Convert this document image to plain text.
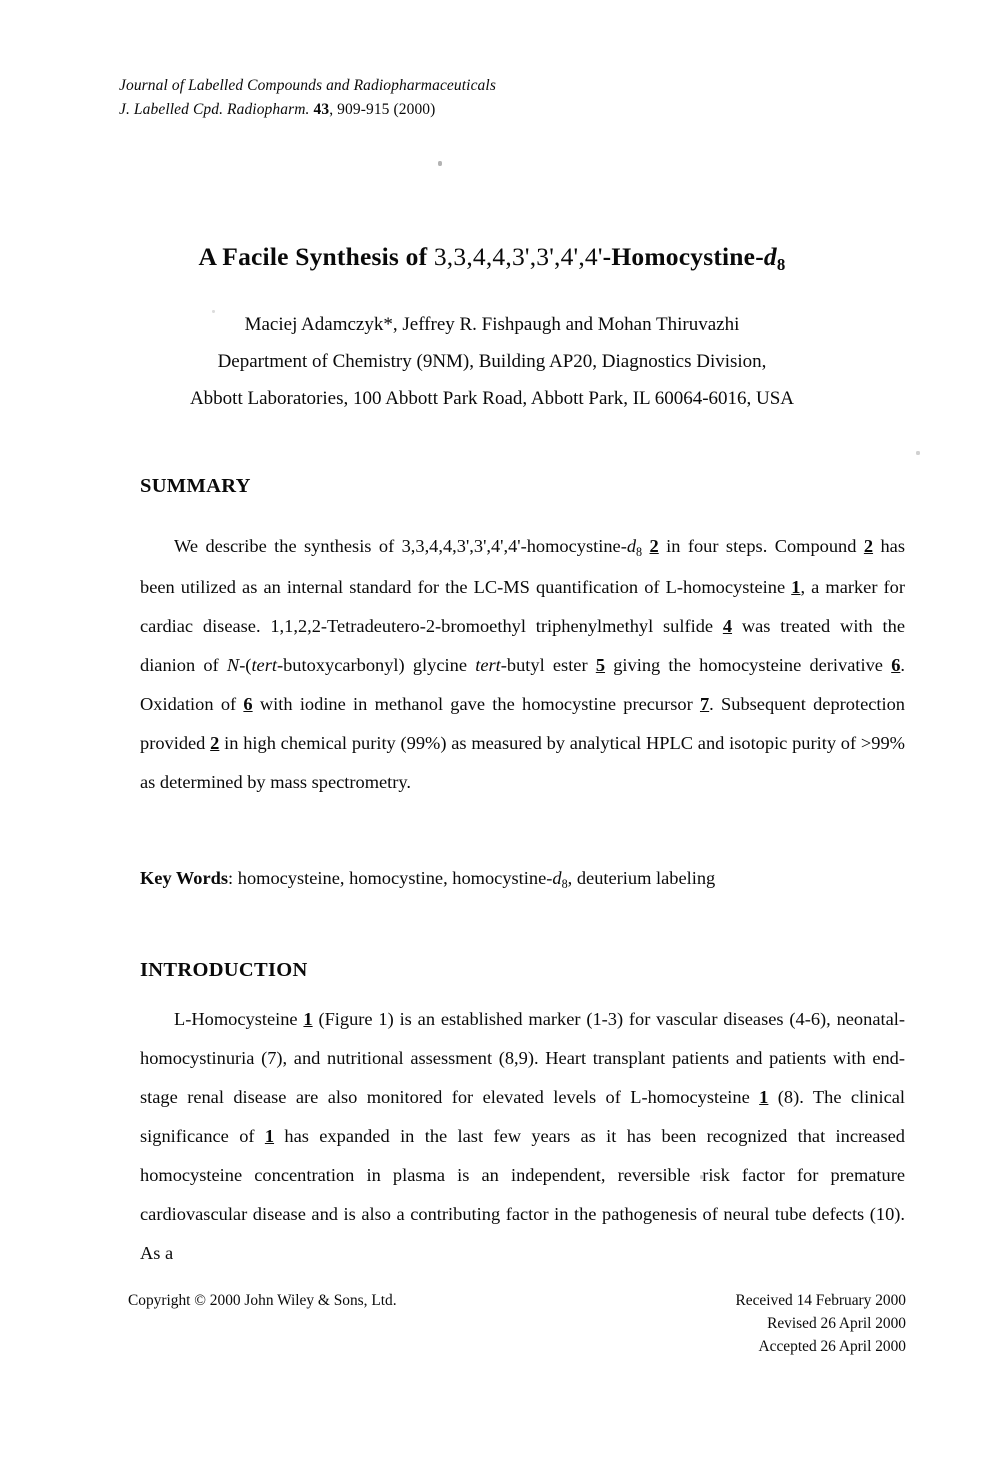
Journal of Labelled Compounds and Radiopharmaceuticals
J. Labelled Cpd. Radiopharm. 43, 909-915 (2000)
A Facile Synthesis of $3,3,4,4,3',3',4',4'-Homocystine-d_8$
Maciej Adamczyk*, Jeffrey R. Fishpaugh and Mohan Thiruvazhi
Department of Chemistry (9NM), Building AP20, Diagnostics Division,
Abbott Laboratories, 100 Abbott Park Road, Abbott Park, IL 60064-6016, USA
SUMMARY

We describe the synthesis of $3,3,4,4,3',3',4',4'-homocystine-d_8$ 2 in four steps. Compound 2 has been utilized as an internal standard for the LC-MS quantification of L-homocysteine 1, a marker for cardiac disease. 1,1,2,2-Tetradeutero-2-bromoethyl triphenylmethyl sulfide 4 was treated with the dianion of N-(tert-butoxycarbonyl) glycine tert-butyl ester 5 giving the homocysteine derivative 6. Oxidation of 6 with iodine in methanol gave the homocystine precursor 7. Subsequent deprotection provided 2 in high chemical purity (99%) as measured by analytical HPLC and isotopic purity of >99% as determined by mass spectrometry.

Key Words: homocysteine, homocystine, homocystine-$d_8$, deuterium labeling
INTRODUCTION

L-Homocysteine 1 (Figure 1) is an established marker (1-3) for vascular diseases (4-6), neonatal-homocystinuria (7), and nutritional assessment (8,9). Heart transplant patients and patients with end-stage renal disease are also monitored for elevated levels of L-homocysteine 1 (8). The clinical significance of 1 has expanded in the last few years as it has been recognized that increased homocysteine concentration in plasma is an independent, reversible risk factor for premature cardiovascular disease and is also a contributing factor in the pathogenesis of neural tube defects (10). As a

Copyright © 2000 John Wiley & Sons, Ltd.	Received 14 February 2000
Revised 26 April 2000
Accepted 26 April 2000
